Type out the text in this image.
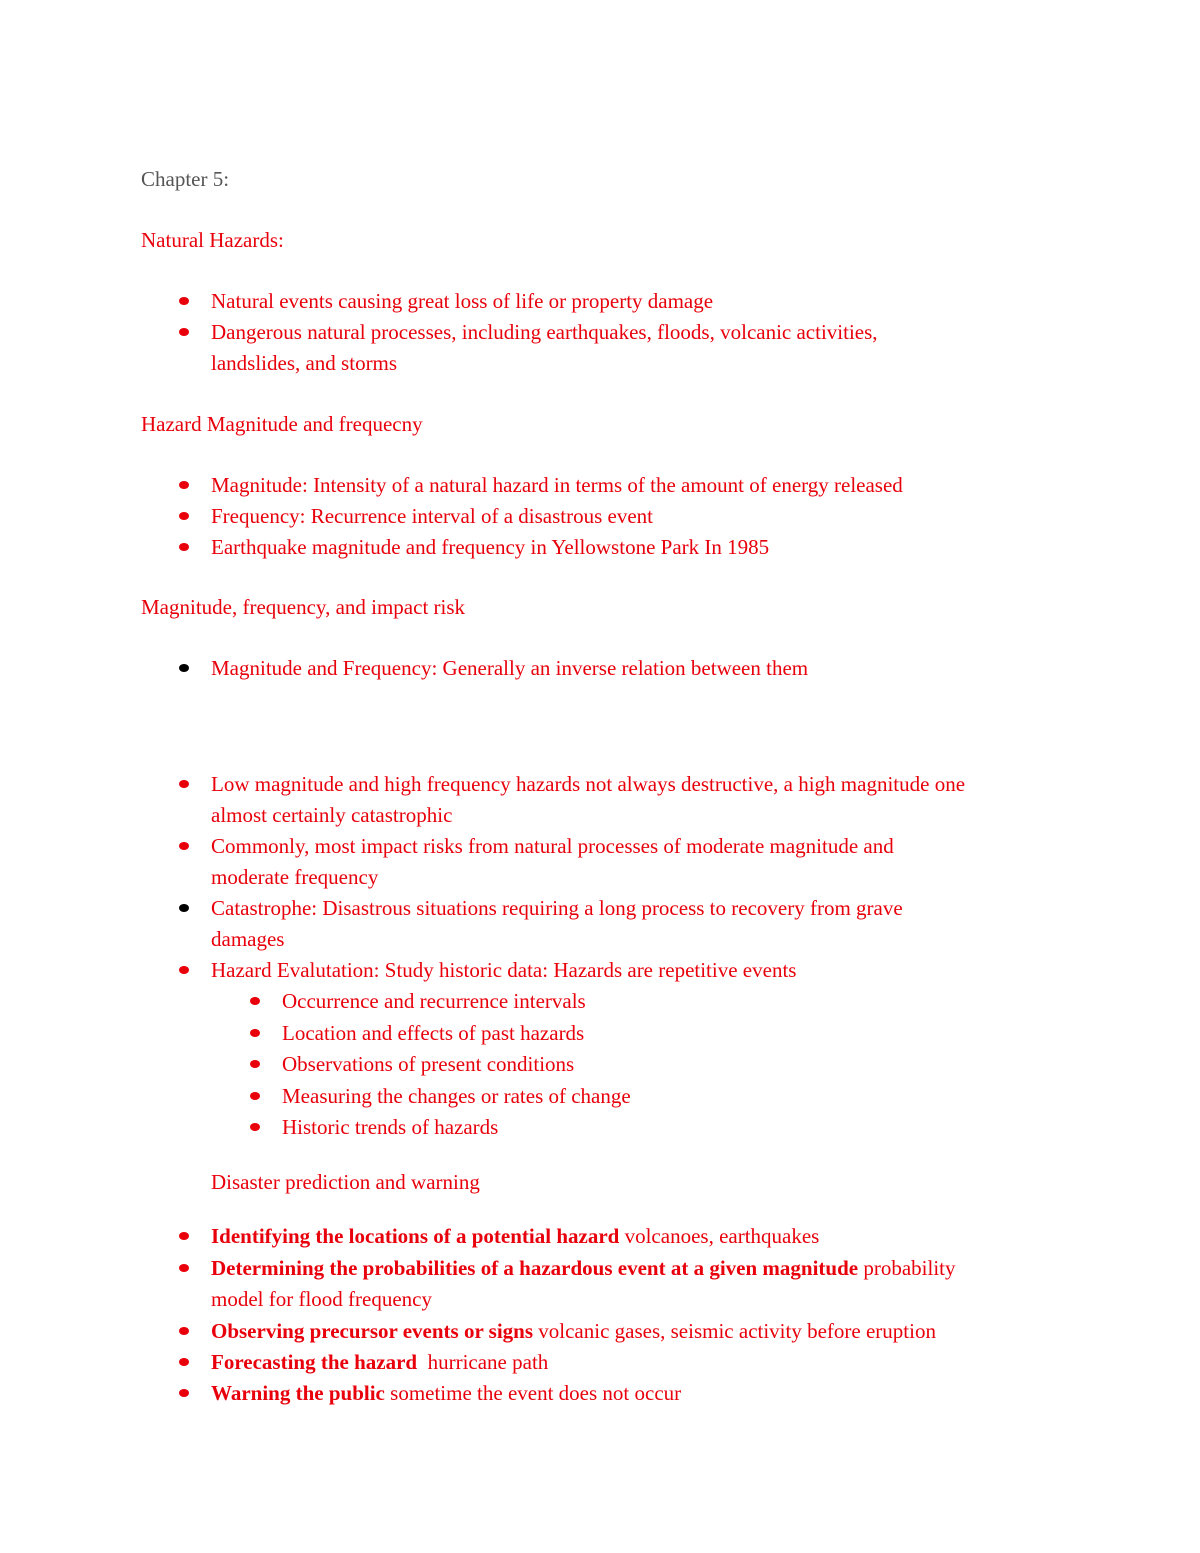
Chapter 5:
Natural Hazards:
Natural events causing great loss of life or property damage
Dangerous natural processes, including earthquakes, floods, volcanic activities,
landslides, and storms
Hazard Magnitude and frequecny
Magnitude: Intensity of a natural hazard in terms of the amount of energy released
Frequency: Recurrence interval of a disastrous event
Earthquake magnitude and frequency in Yellowstone Park In 1985
Magnitude, frequency, and impact risk
Magnitude and Frequency: Generally an inverse relation between them
Low magnitude and high frequency hazards not always destructive, a high magnitude one
almost certainly catastrophic
Commonly, most impact risks from natural processes of moderate magnitude and
moderate frequency
Catastrophe: Disastrous situations requiring a long process to recovery from grave
damages
Hazard Evalutation: Study historic data: Hazards are repetitive events
Occurrence and recurrence intervals
Location and effects of past hazards
Observations of present conditions
Measuring the changes or rates of change
Historic trends of hazards
Disaster prediction and warning
Identifying the locations of a potential hazard volcanoes, earthquakes
Determining the probabilities of a hazardous event at a given magnitude probability
model for flood frequency
Observing precursor events or signs volcanic gases, seismic activity before eruption
Forecasting the hazard  hurricane path
Warning the public sometime the event does not occur
